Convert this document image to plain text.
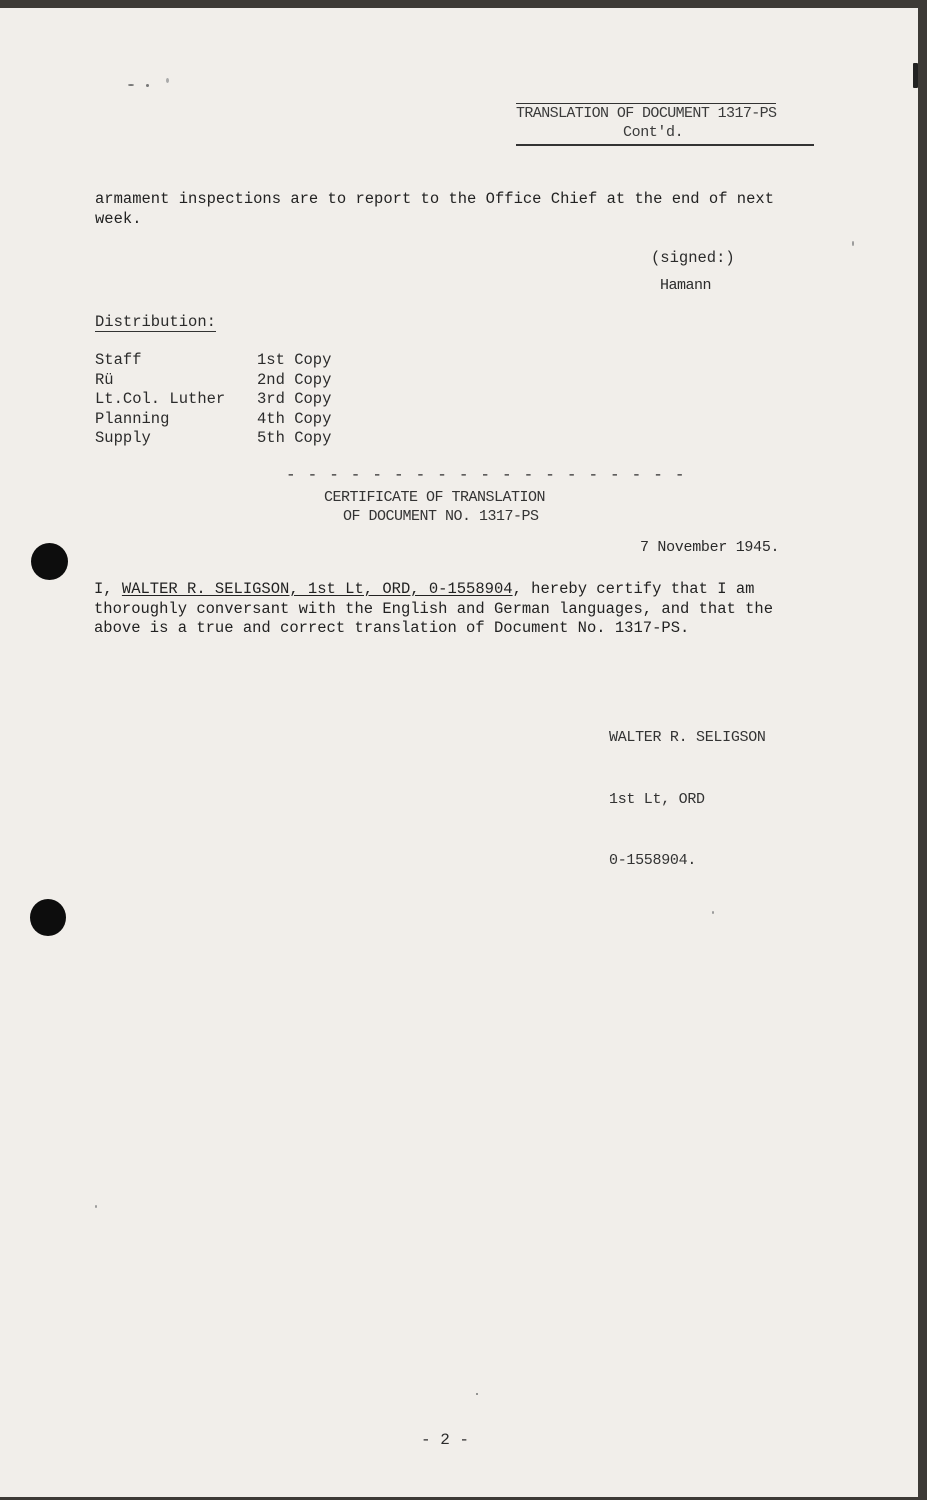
TRANSLATION OF DOCUMENT 1317-PS
Cont'd.
armament inspections are to report to the Office Chief at the end of next week.
(signed:)
Hamann
Distribution:
Staff	1st Copy
Rü	2nd Copy
Lt.Col. Luther	3rd Copy
Planning	4th Copy
Supply	5th Copy
- - - - - - - - - - - - - - - - - - -
CERTIFICATE OF TRANSLATION
OF DOCUMENT NO. 1317-PS
7 November 1945.
I, WALTER R. SELIGSON, 1st Lt, ORD, 0-1558904, hereby certify that I am thoroughly conversant with the English and German languages, and that the above is a true and correct translation of Document No. 1317-PS.

WALTER R. SELIGSON

1st Lt, ORD

0-1558904.

- 2 -
